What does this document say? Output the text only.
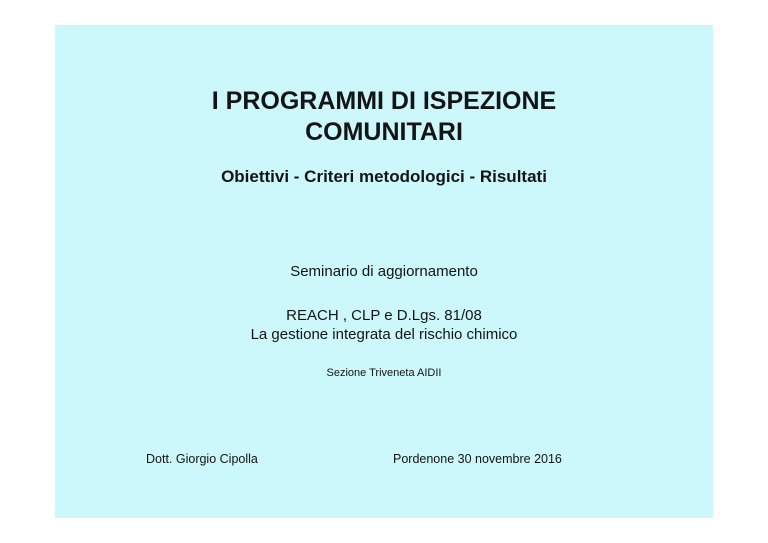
I PROGRAMMI DI ISPEZIONE
COMUNITARI
Obiettivi - Criteri metodologici - Risultati
Seminario di aggiornamento
REACH , CLP e D.Lgs. 81/08
La gestione integrata del rischio chimico
Sezione Triveneta AIDII
Dott. Giorgio Cipolla	Pordenone 30 novembre 2016
